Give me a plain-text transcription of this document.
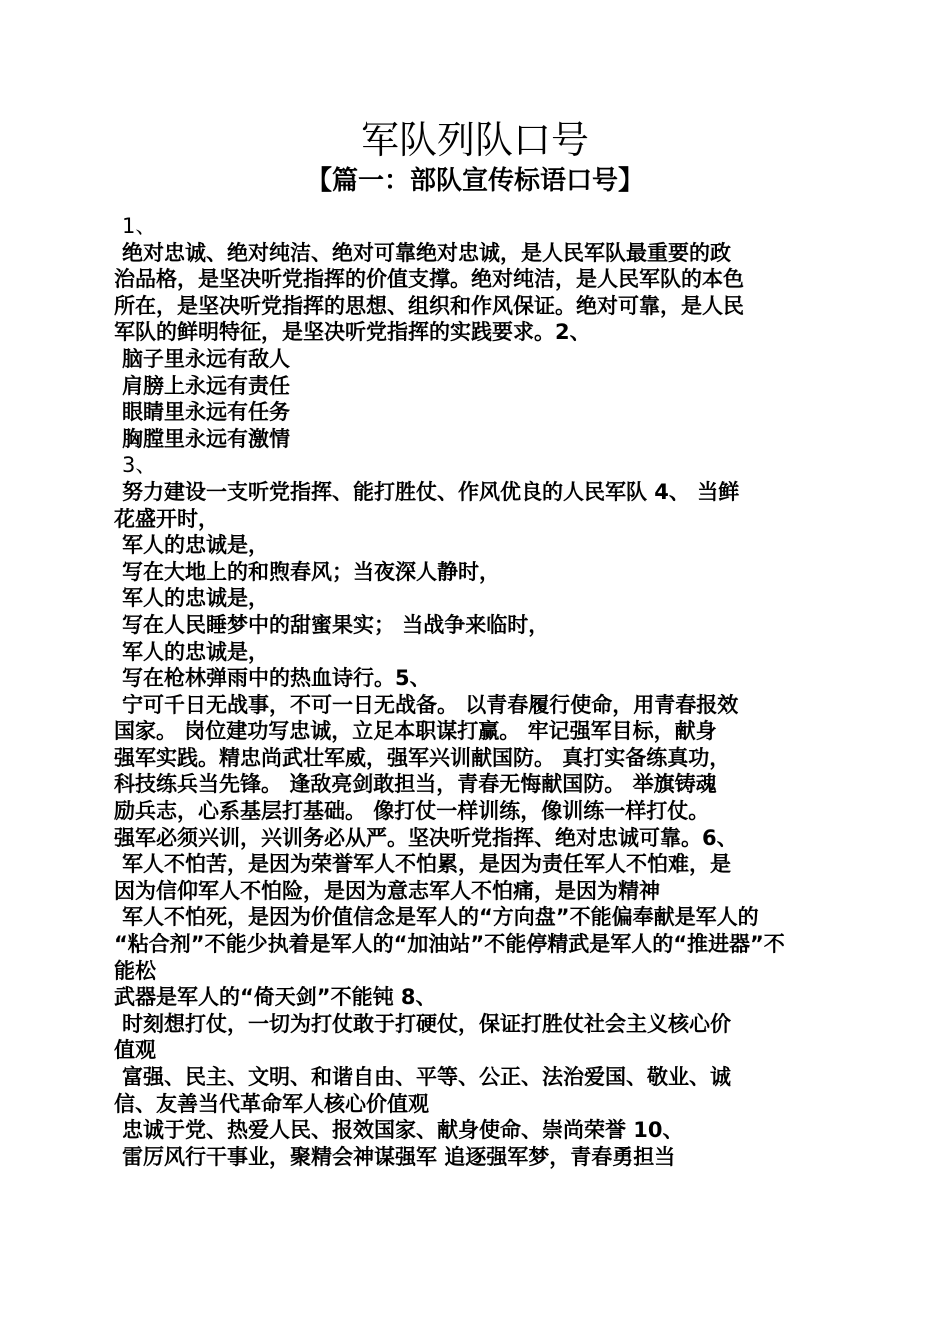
军队列队口号
【篇一：部队宣传标语口号】
1、
绝对忠诚、绝对纯洁、绝对可靠绝对忠诚，是人民军队最重要的政
治品格，是坚决听党指挥的价值支撑。绝对纯洁，是人民军队的本色
所在，是坚决听党指挥的思想、组织和作风保证。绝对可靠，是人民
军队的鲜明特征，是坚决听党指挥的实践要求。2、
脑子里永远有敌人
肩膀上永远有责任
眼睛里永远有任务
胸膛里永远有激情
3、
努力建设一支听党指挥、能打胜仗、作风优良的人民军队 4、 当鲜
花盛开时，
军人的忠诚是，
写在大地上的和煦春风；当夜深人静时，
军人的忠诚是，
写在人民睡梦中的甜蜜果实； 当战争来临时，
军人的忠诚是，
写在枪林弹雨中的热血诗行。5、
宁可千日无战事，不可一日无战备。 以青春履行使命，用青春报效
国家。 岗位建功写忠诚，立足本职谋打赢。 牢记强军目标，献身
强军实践。精忠尚武壮军威，强军兴训献国防。 真打实备练真功，
科技练兵当先锋。 逢敌亮剑敢担当，青春无悔献国防。 举旗铸魂
励兵志，心系基层打基础。 像打仗一样训练，像训练一样打仗。
强军必须兴训，兴训务必从严。坚决听党指挥、绝对忠诚可靠。6、
军人不怕苦，是因为荣誉军人不怕累，是因为责任军人不怕难，是
因为信仰军人不怕险，是因为意志军人不怕痛，是因为精神
军人不怕死，是因为价值信念是军人的“方向盘”不能偏奉献是军人的
“粘合剂”不能少执着是军人的“加油站”不能停精武是军人的“推进器”不
能松
武器是军人的“倚天剑”不能钝 8、
时刻想打仗，一切为打仗敢于打硬仗，保证打胜仗社会主义核心价
值观
富强、民主、文明、和谐自由、平等、公正、法治爱国、敬业、诚
信、友善当代革命军人核心价值观
忠诚于党、热爱人民、报效国家、献身使命、崇尚荣誉 10、
雷厉风行干事业，聚精会神谋强军 追逐强军梦，青春勇担当
